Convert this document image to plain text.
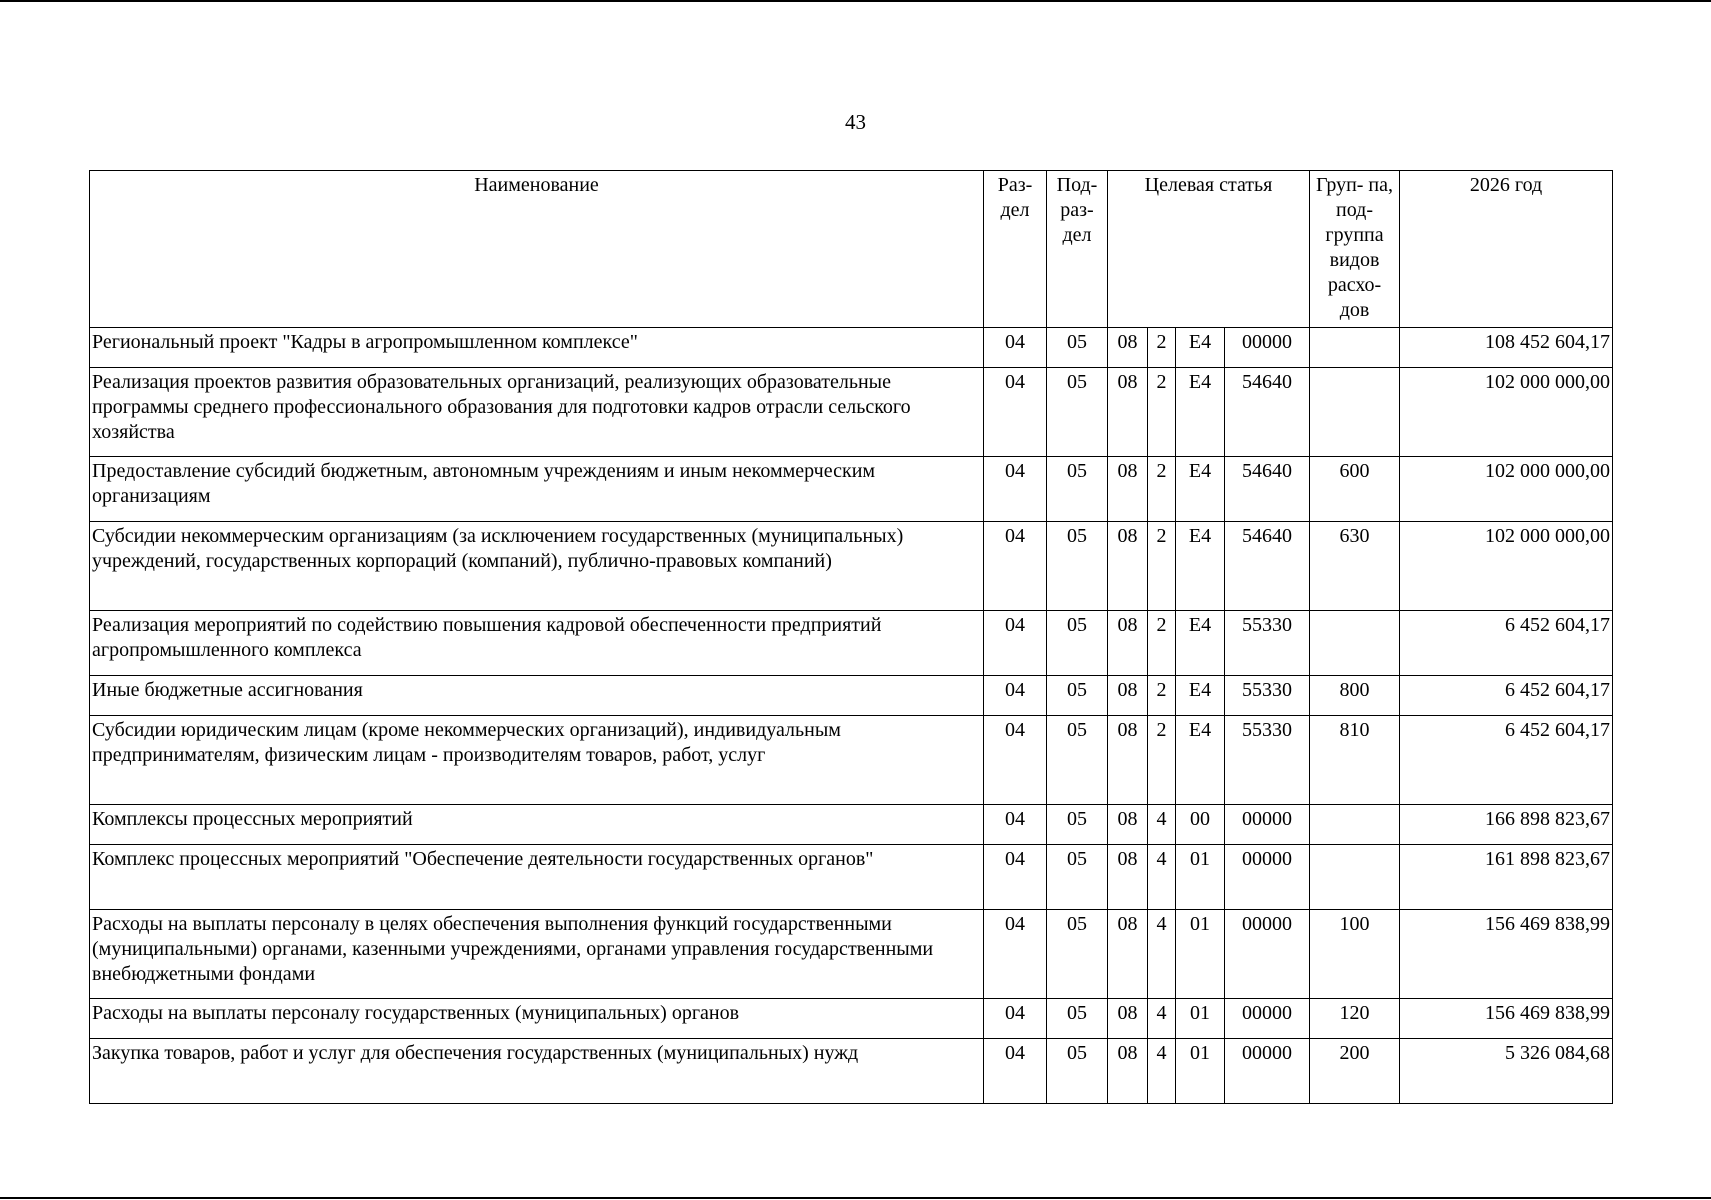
43
Наименование	Раз- дел	Под- раз- дел	Целевая статья				Груп- па, под- группа видов расхо- дов	2026 год
Региональный проект "Кадры в агропромышленном комплексе"	04	05	08	2	Е4	00000		108 452 604,17
Реализация проектов развития образовательных организаций, реализующих образовательные программы среднего профессионального образования для подготовки кадров отрасли сельского хозяйства	04	05	08	2	Е4	54640		102 000 000,00
Предоставление субсидий бюджетным, автономным учреждениям и иным некоммерческим организациям	04	05	08	2	Е4	54640	600	102 000 000,00
Субсидии некоммерческим организациям (за исключением государственных (муниципальных) учреждений, государственных корпораций (компаний), публично-правовых компаний)	04	05	08	2	Е4	54640	630	102 000 000,00
Реализация мероприятий по содействию повышения кадровой обеспеченности предприятий агропромышленного комплекса	04	05	08	2	Е4	55330		6 452 604,17
Иные бюджетные ассигнования	04	05	08	2	Е4	55330	800	6 452 604,17
Субсидии юридическим лицам (кроме некоммерческих организаций), индивидуальным предпринимателям, физическим лицам - производителям товаров, работ, услуг	04	05	08	2	Е4	55330	810	6 452 604,17
Комплексы процессных мероприятий	04	05	08	4	00	00000		166 898 823,67
Комплекс процессных мероприятий "Обеспечение деятельности государственных органов"	04	05	08	4	01	00000		161 898 823,67
Расходы на выплаты персоналу в целях обеспечения выполнения функций государственными (муниципальными) органами, казенными учреждениями, органами управления государственными внебюджетными фондами	04	05	08	4	01	00000	100	156 469 838,99
Расходы на выплаты персоналу государственных (муниципальных) органов	04	05	08	4	01	00000	120	156 469 838,99
Закупка товаров, работ и услуг для обеспечения государственных (муниципальных) нужд	04	05	08	4	01	00000	200	5 326 084,68
